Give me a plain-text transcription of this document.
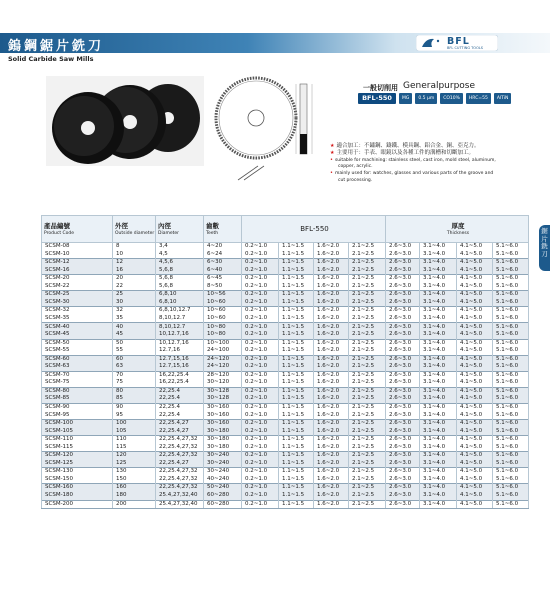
鎢鋼鋸片銑刀
Solid Carbide Saw Mills
BFL
BFL CUTTING TOOLS
一般切削用 Generalpurpose
BFL-550	MG	0.5 μm	CO10%	HRC=55	AlTiN
★ 適合加工：不鏽鋼、鑄鐵、模具鋼、鋁合金、銅、亞克力。
★ 主要用于：手表、眼鏡以及各種工件的溝槽和切斷加工。
• suitable for machining: stainless steel, cast iron, mold steel, aluminum,
copper, acrylic.
• mainly used for: watches, glasses and various parts of the groove and
cut processing.
鋸片銑刀
產品編號
Product Code	外徑
Outside diameter	內徑
Diameter	齒數
Teeth	BFL-550				厚度
Thickness			

SCSM-08	8	3,4	4~20	0.2~1.0	1.1~1.5	1.6~2.0	2.1~2.5	2.6~3.0	3.1~4.0	4.1~5.0	5.1~6.0
SCSM-10	10	4,5	6~24	0.2~1.0	1.1~1.5	1.6~2.0	2.1~2.5	2.6~3.0	3.1~4.0	4.1~5.0	5.1~6.0
SCSM-12	12	4,5,6	6~30	0.2~1.0	1.1~1.5	1.6~2.0	2.1~2.5	2.6~3.0	3.1~4.0	4.1~5.0	5.1~6.0
SCSM-16	16	5,6,8	6~40	0.2~1.0	1.1~1.5	1.6~2.0	2.1~2.5	2.6~3.0	3.1~4.0	4.1~5.0	5.1~6.0
SCSM-20	20	5,6,8	6~45	0.2~1.0	1.1~1.5	1.6~2.0	2.1~2.5	2.6~3.0	3.1~4.0	4.1~5.0	5.1~6.0
SCSM-22	22	5,6,8	8~50	0.2~1.0	1.1~1.5	1.6~2.0	2.1~2.5	2.6~3.0	3.1~4.0	4.1~5.0	5.1~6.0
SCSM-25	25	6,8,10	10~56	0.2~1.0	1.1~1.5	1.6~2.0	2.1~2.5	2.6~3.0	3.1~4.0	4.1~5.0	5.1~6.0
SCSM-30	30	6,8,10	10~60	0.2~1.0	1.1~1.5	1.6~2.0	2.1~2.5	2.6~3.0	3.1~4.0	4.1~5.0	5.1~6.0
SCSM-32	32	6,8,10,12.7	10~60	0.2~1.0	1.1~1.5	1.6~2.0	2.1~2.5	2.6~3.0	3.1~4.0	4.1~5.0	5.1~6.0
SCSM-35	35	8,10,12.7	10~60	0.2~1.0	1.1~1.5	1.6~2.0	2.1~2.5	2.6~3.0	3.1~4.0	4.1~5.0	5.1~6.0
SCSM-40	40	8,10,12.7	10~80	0.2~1.0	1.1~1.5	1.6~2.0	2.1~2.5	2.6~3.0	3.1~4.0	4.1~5.0	5.1~6.0
SCSM-45	45	10,12.7,16	10~80	0.2~1.0	1.1~1.5	1.6~2.0	2.1~2.5	2.6~3.0	3.1~4.0	4.1~5.0	5.1~6.0
SCSM-50	50	10,12.7,16	10~100	0.2~1.0	1.1~1.5	1.6~2.0	2.1~2.5	2.6~3.0	3.1~4.0	4.1~5.0	5.1~6.0
SCSM-55	55	12.7,16	24~100	0.2~1.0	1.1~1.5	1.6~2.0	2.1~2.5	2.6~3.0	3.1~4.0	4.1~5.0	5.1~6.0
SCSM-60	60	12.7,15,16	24~120	0.2~1.0	1.1~1.5	1.6~2.0	2.1~2.5	2.6~3.0	3.1~4.0	4.1~5.0	5.1~6.0
SCSM-63	63	12.7,15,16	24~120	0.2~1.0	1.1~1.5	1.6~2.0	2.1~2.5	2.6~3.0	3.1~4.0	4.1~5.0	5.1~6.0
SCSM-70	70	16,22,25.4	28~120	0.2~1.0	1.1~1.5	1.6~2.0	2.1~2.5	2.6~3.0	3.1~4.0	4.1~5.0	5.1~6.0
SCSM-75	75	16,22,25.4	30~120	0.2~1.0	1.1~1.5	1.6~2.0	2.1~2.5	2.6~3.0	3.1~4.0	4.1~5.0	5.1~6.0
SCSM-80	80	22,25.4	30~128	0.2~1.0	1.1~1.5	1.6~2.0	2.1~2.5	2.6~3.0	3.1~4.0	4.1~5.0	5.1~6.0
SCSM-85	85	22,25.4	30~128	0.2~1.0	1.1~1.5	1.6~2.0	2.1~2.5	2.6~3.0	3.1~4.0	4.1~5.0	5.1~6.0
SCSM-90	90	22,25.4	30~160	0.2~1.0	1.1~1.5	1.6~2.0	2.1~2.5	2.6~3.0	3.1~4.0	4.1~5.0	5.1~6.0
SCSM-95	95	22,25.4	30~160	0.2~1.0	1.1~1.5	1.6~2.0	2.1~2.5	2.6~3.0	3.1~4.0	4.1~5.0	5.1~6.0
SCSM-100	100	22,25.4,27	30~160	0.2~1.0	1.1~1.5	1.6~2.0	2.1~2.5	2.6~3.0	3.1~4.0	4.1~5.0	5.1~6.0
SCSM-105	105	22,25.4,27	30~180	0.2~1.0	1.1~1.5	1.6~2.0	2.1~2.5	2.6~3.0	3.1~4.0	4.1~5.0	5.1~6.0
SCSM-110	110	22,25.4,27,32	30~180	0.2~1.0	1.1~1.5	1.6~2.0	2.1~2.5	2.6~3.0	3.1~4.0	4.1~5.0	5.1~6.0
SCSM-115	115	22,25.4,27,32	30~180	0.2~1.0	1.1~1.5	1.6~2.0	2.1~2.5	2.6~3.0	3.1~4.0	4.1~5.0	5.1~6.0
SCSM-120	120	22,25.4,27,32	30~240	0.2~1.0	1.1~1.5	1.6~2.0	2.1~2.5	2.6~3.0	3.1~4.0	4.1~5.0	5.1~6.0
SCSM-125	125	22,25.4,27	30~240	0.2~1.0	1.1~1.5	1.6~2.0	2.1~2.5	2.6~3.0	3.1~4.0	4.1~5.0	5.1~6.0
SCSM-130	130	22,25.4,27,32	30~240	0.2~1.0	1.1~1.5	1.6~2.0	2.1~2.5	2.6~3.0	3.1~4.0	4.1~5.0	5.1~6.0
SCSM-150	150	22,25.4,27,32	40~240	0.2~1.0	1.1~1.5	1.6~2.0	2.1~2.5	2.6~3.0	3.1~4.0	4.1~5.0	5.1~6.0
SCSM-160	160	22,25.4,27,32	50~240	0.2~1.0	1.1~1.5	1.6~2.0	2.1~2.5	2.6~3.0	3.1~4.0	4.1~5.0	5.1~6.0
SCSM-180	180	25.4,27,32,40	60~280	0.2~1.0	1.1~1.5	1.6~2.0	2.1~2.5	2.6~3.0	3.1~4.0	4.1~5.0	5.1~6.0
SCSM-200	200	25.4,27,32,40	60~280	0.2~1.0	1.1~1.5	1.6~2.0	2.1~2.5	2.6~3.0	3.1~4.0	4.1~5.0	5.1~6.0
